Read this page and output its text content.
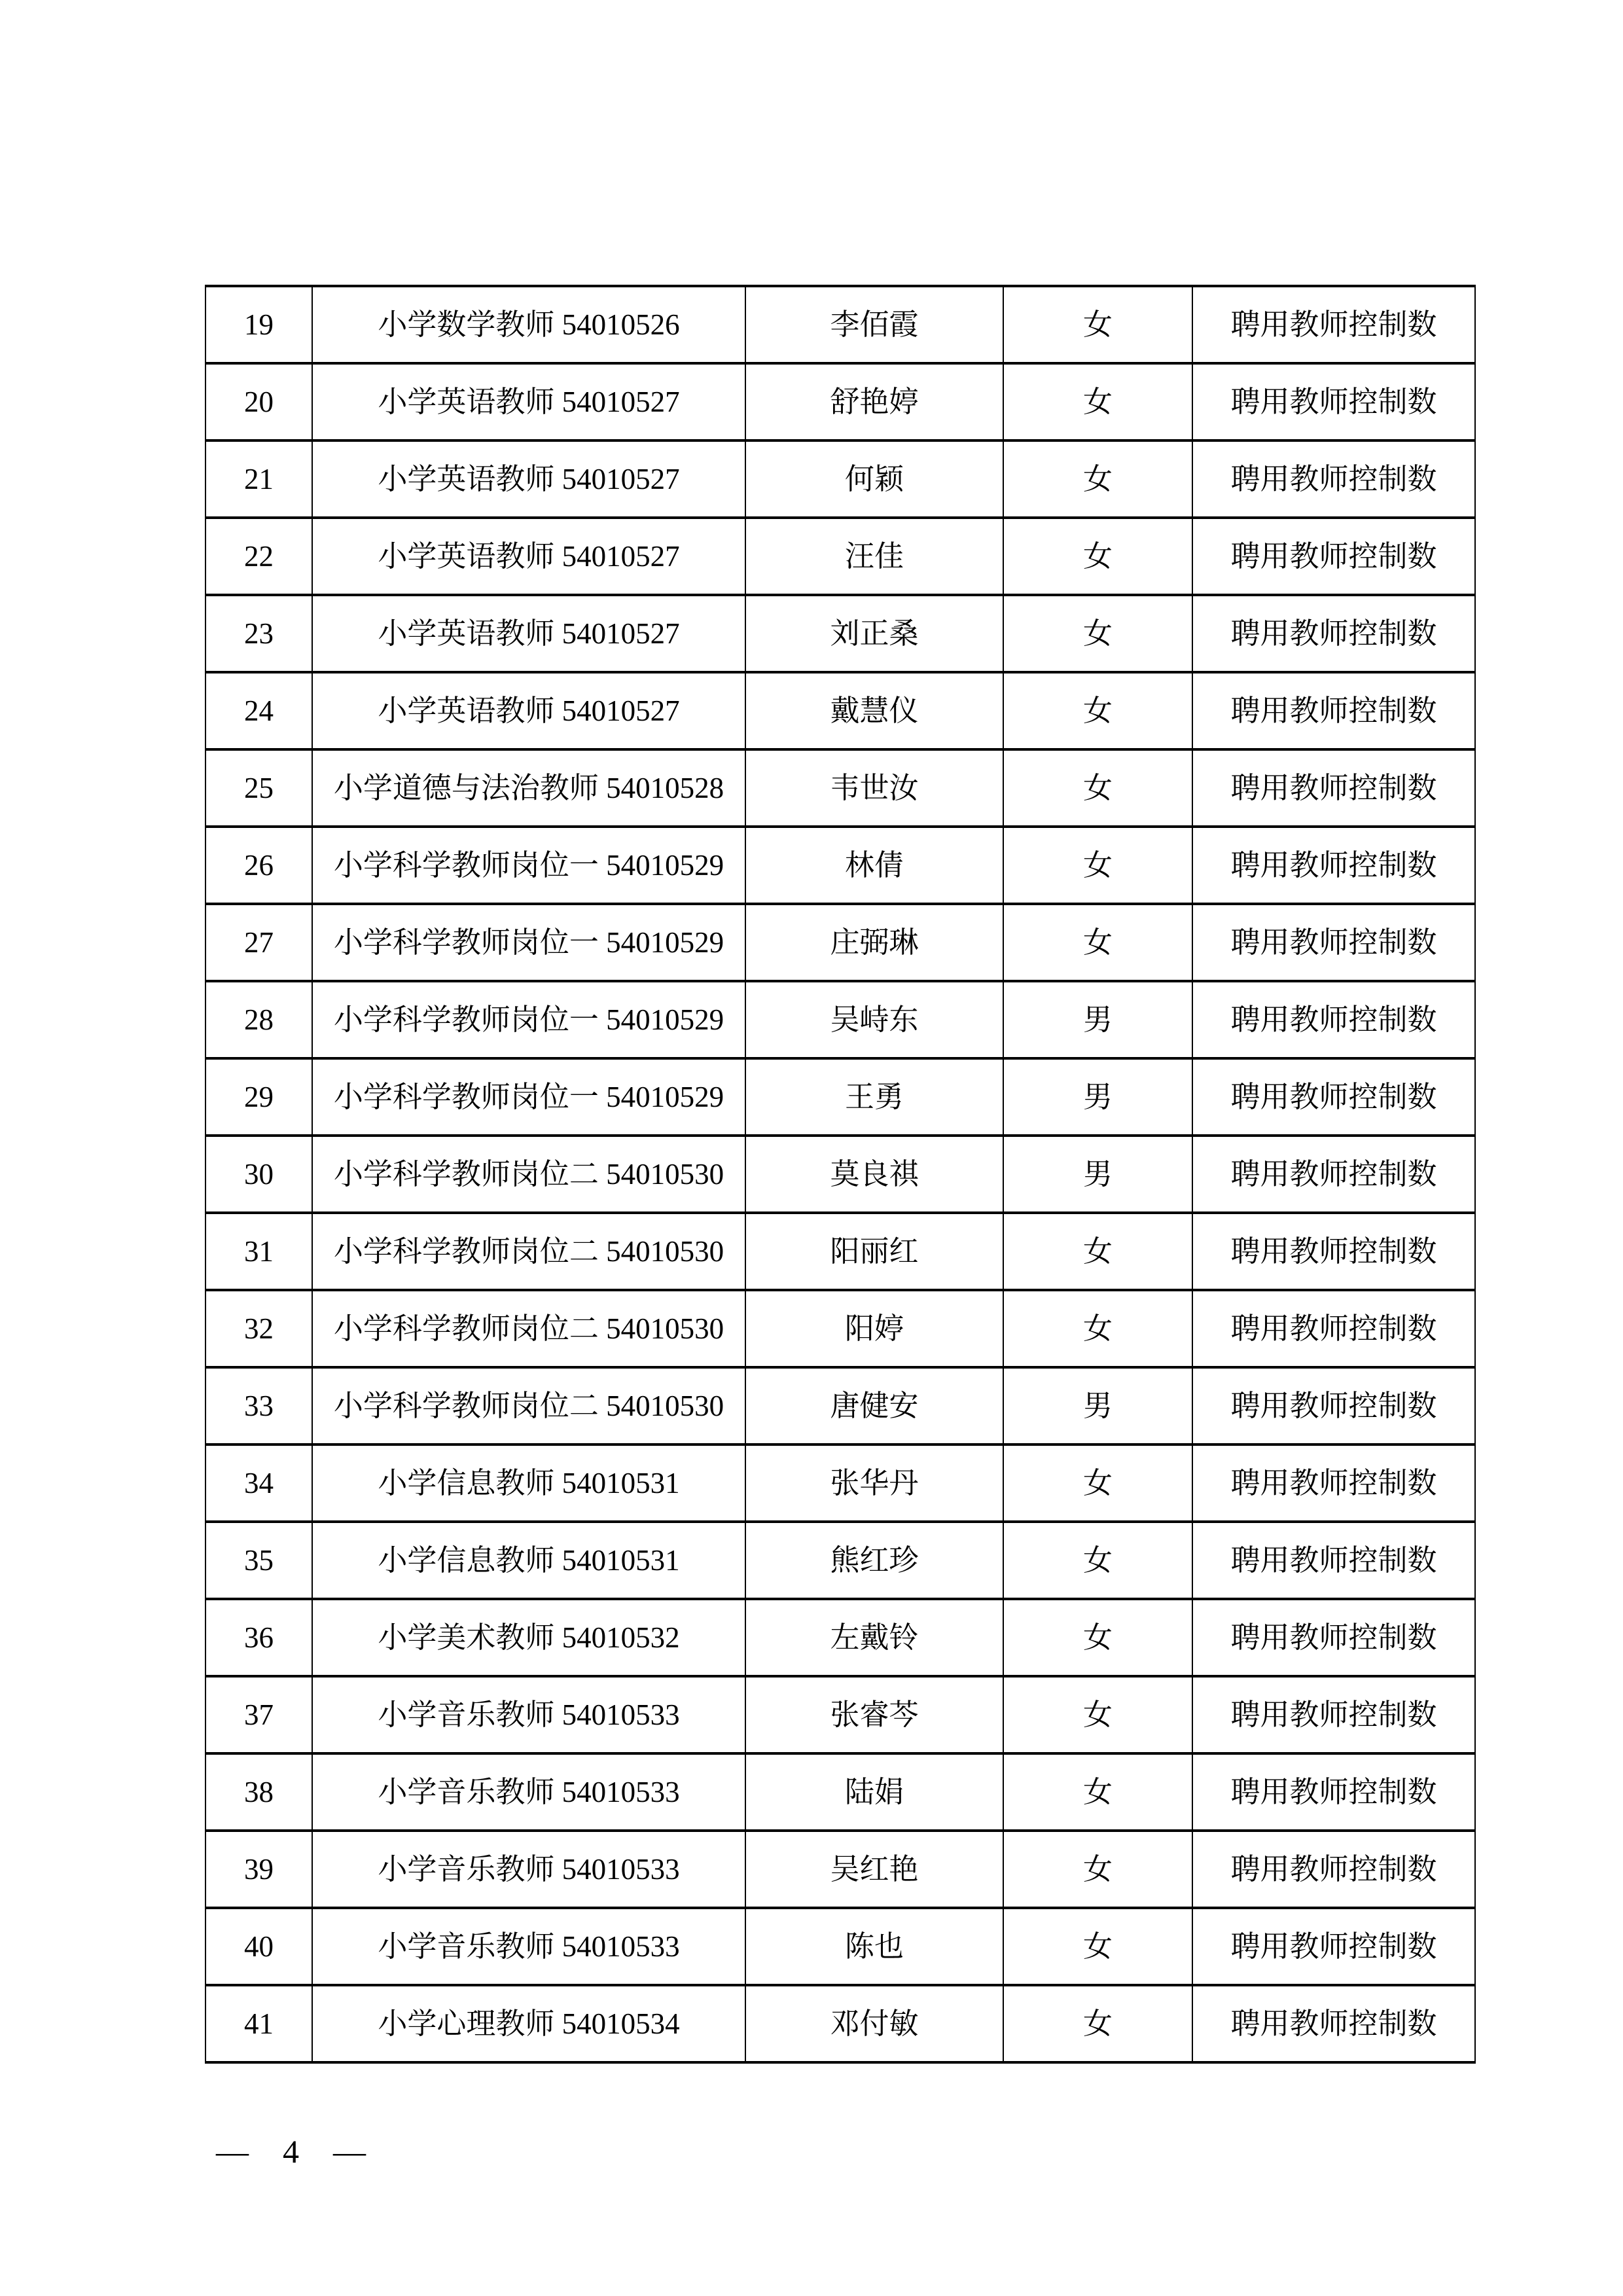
19	小学数学教师 54010526	李佰霞	女	聘用教师控制数
20	小学英语教师 54010527	舒艳婷	女	聘用教师控制数
21	小学英语教师 54010527	何颖	女	聘用教师控制数
22	小学英语教师 54010527	汪佳	女	聘用教师控制数
23	小学英语教师 54010527	刘正桑	女	聘用教师控制数
24	小学英语教师 54010527	戴慧仪	女	聘用教师控制数
25	小学道德与法治教师 54010528	韦世汝	女	聘用教师控制数
26	小学科学教师岗位一 54010529	林倩	女	聘用教师控制数
27	小学科学教师岗位一 54010529	庄弼琳	女	聘用教师控制数
28	小学科学教师岗位一 54010529	吴峙东	男	聘用教师控制数
29	小学科学教师岗位一 54010529	王勇	男	聘用教师控制数
30	小学科学教师岗位二 54010530	莫良祺	男	聘用教师控制数
31	小学科学教师岗位二 54010530	阳丽红	女	聘用教师控制数
32	小学科学教师岗位二 54010530	阳婷	女	聘用教师控制数
33	小学科学教师岗位二 54010530	唐健安	男	聘用教师控制数
34	小学信息教师 54010531	张华丹	女	聘用教师控制数
35	小学信息教师 54010531	熊红珍	女	聘用教师控制数
36	小学美术教师 54010532	左戴铃	女	聘用教师控制数
37	小学音乐教师 54010533	张睿芩	女	聘用教师控制数
38	小学音乐教师 54010533	陆娟	女	聘用教师控制数
39	小学音乐教师 54010533	吴红艳	女	聘用教师控制数
40	小学音乐教师 54010533	陈也	女	聘用教师控制数
41	小学心理教师 54010534	邓付敏	女	聘用教师控制数
— 4 —
